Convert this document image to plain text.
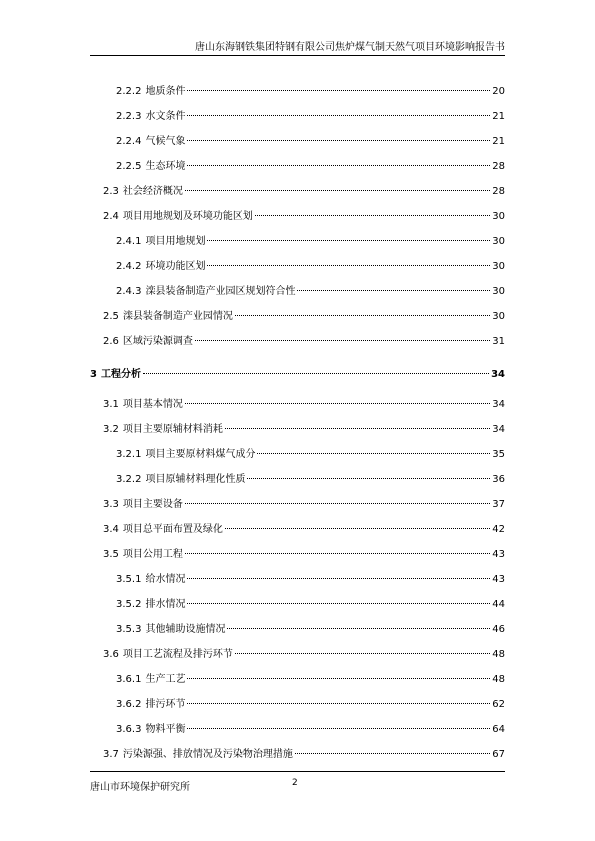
唐山东海钢铁集团特钢有限公司焦炉煤气制天然气项目环境影响报告书
2.2.2 地质条件	20
2.2.3 水文条件	21
2.2.4 气候气象	21
2.2.5 生态环境	28
2.3 社会经济概况	28
2.4 项目用地规划及环境功能区划	30
2.4.1 项目用地规划	30
2.4.2 环境功能区划	30
2.4.3 滦县装备制造产业园区规划符合性	30
2.5 滦县装备制造产业园情况	30
2.6 区域污染源调查	31
3 工程分析	34
3.1 项目基本情况	34
3.2 项目主要原辅材料消耗	34
3.2.1 项目主要原材料煤气成分	35
3.2.2 项目原辅材料理化性质	36
3.3 项目主要设备	37
3.4 项目总平面布置及绿化	42
3.5 项目公用工程	43
3.5.1 给水情况	43
3.5.2 排水情况	44
3.5.3 其他辅助设施情况	46
3.6 项目工艺流程及排污环节	48
3.6.1 生产工艺	48
3.6.2 排污环节	62
3.6.3 物料平衡	64
3.7 污染源强、排放情况及污染物治理措施	67
唐山市环境保护研究所	2
